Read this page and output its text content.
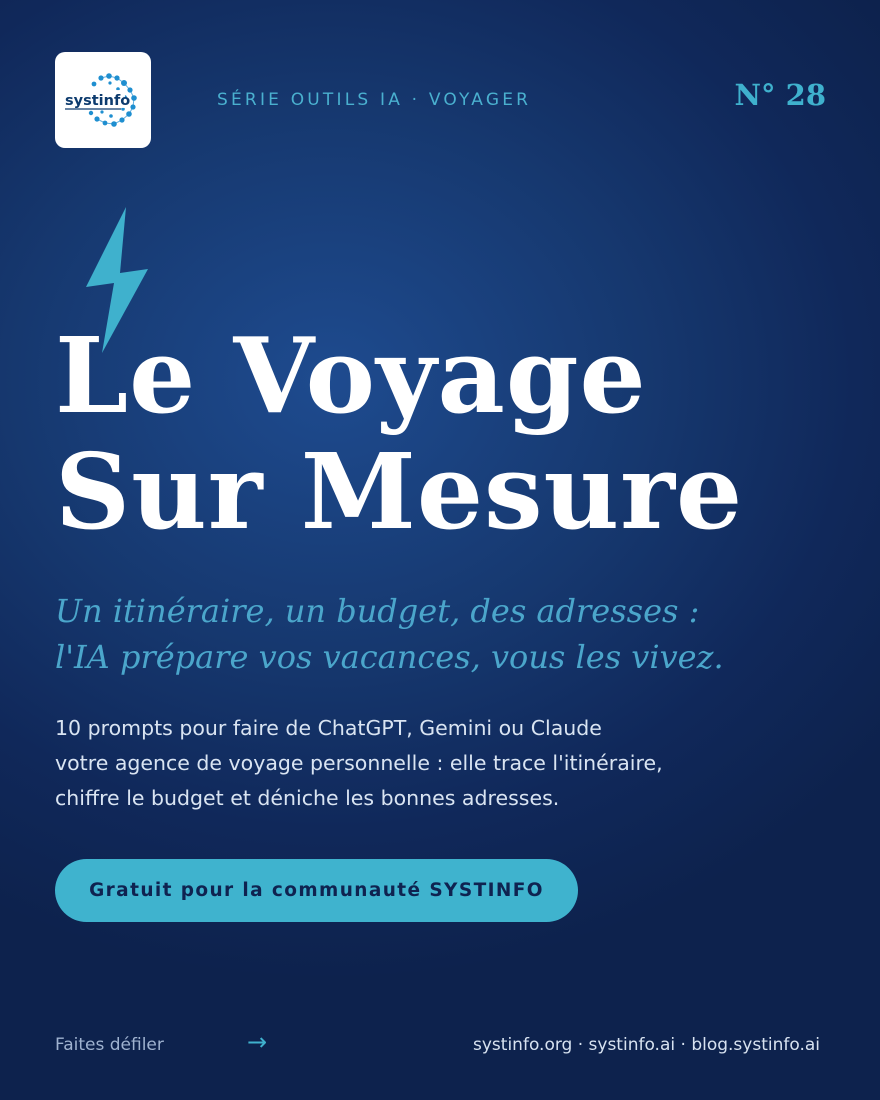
systinfo	SÉRIE OUTILS IA · VOYAGER	N° 28
Le Voyage
Sur Mesure
Un itinéraire, un budget, des adresses :
l'IA prépare vos vacances, vous les vivez.
10 prompts pour faire de ChatGPT, Gemini ou Claude
votre agence de voyage personnelle : elle trace l'itinéraire,
chiffre le budget et déniche les bonnes adresses.
Gratuit pour la communauté SYSTINFO
Faites défiler	→	systinfo.org · systinfo.ai · blog.systinfo.ai
